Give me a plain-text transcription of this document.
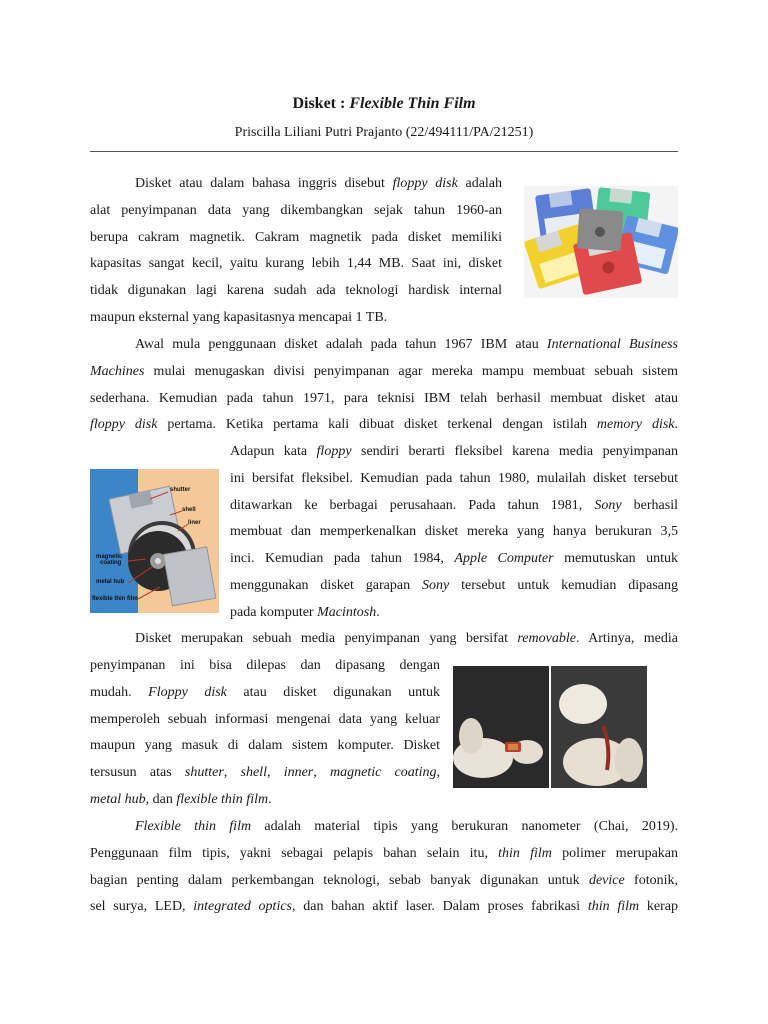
Disket : Flexible Thin Film
Priscilla Liliani Putri Prajanto (22/494111/PA/21251)
Disket atau dalam bahasa inggris disebut floppy disk adalah
alat penyimpanan data yang dikembangkan sejak tahun 1960-an
berupa cakram magnetik. Cakram magnetik pada disket memiliki
kapasitas sangat kecil, yaitu kurang lebih 1,44 MB. Saat ini, disket
tidak digunakan lagi karena sudah ada teknologi hardisk internal
maupun eksternal yang kapasitasnya mencapai 1 TB.
Awal mula penggunaan disket adalah pada tahun 1967 IBM atau International Business
Machines mulai menugaskan divisi penyimpanan agar mereka mampu membuat sebuah sistem
sederhana. Kemudian pada tahun 1971, para teknisi IBM telah berhasil membuat disket atau
floppy disk pertama. Ketika pertama kali dibuat disket terkenal dengan istilah memory disk.
Adapun kata floppy sendiri berarti fleksibel karena media penyimpanan
ini bersifat fleksibel. Kemudian pada tahun 1980, mulailah disket tersebut
ditawarkan ke berbagai perusahaan. Pada tahun 1981, Sony berhasil
membuat dan memperkenalkan disket mereka yang hanya berukuran 3,5
inci. Kemudian pada tahun 1984, Apple Computer memutuskan untuk
menggunakan disket garapan Sony tersebut untuk kemudian dipasang
pada komputer Macintosh.
shutter
shell
liner
magnetic
coating
metal hub
flexible thin film
Disket merupakan sebuah media penyimpanan yang bersifat removable. Artinya, media
penyimpanan ini bisa dilepas dan dipasang dengan
mudah. Floppy disk atau disket digunakan untuk
memperoleh sebuah informasi mengenai data yang keluar
maupun yang masuk di dalam sistem komputer. Disket
tersusun atas shutter, shell, inner, magnetic coating,
metal hub, dan flexible thin film.
Flexible thin film adalah material tipis yang berukuran nanometer (Chai, 2019).
Penggunaan film tipis, yakni sebagai pelapis bahan selain itu, thin film polimer merupakan
bagian penting dalam perkembangan teknologi, sebab banyak digunakan untuk device fotonik,
sel surya, LED, integrated optics, dan bahan aktif laser. Dalam proses fabrikasi thin film kerap
